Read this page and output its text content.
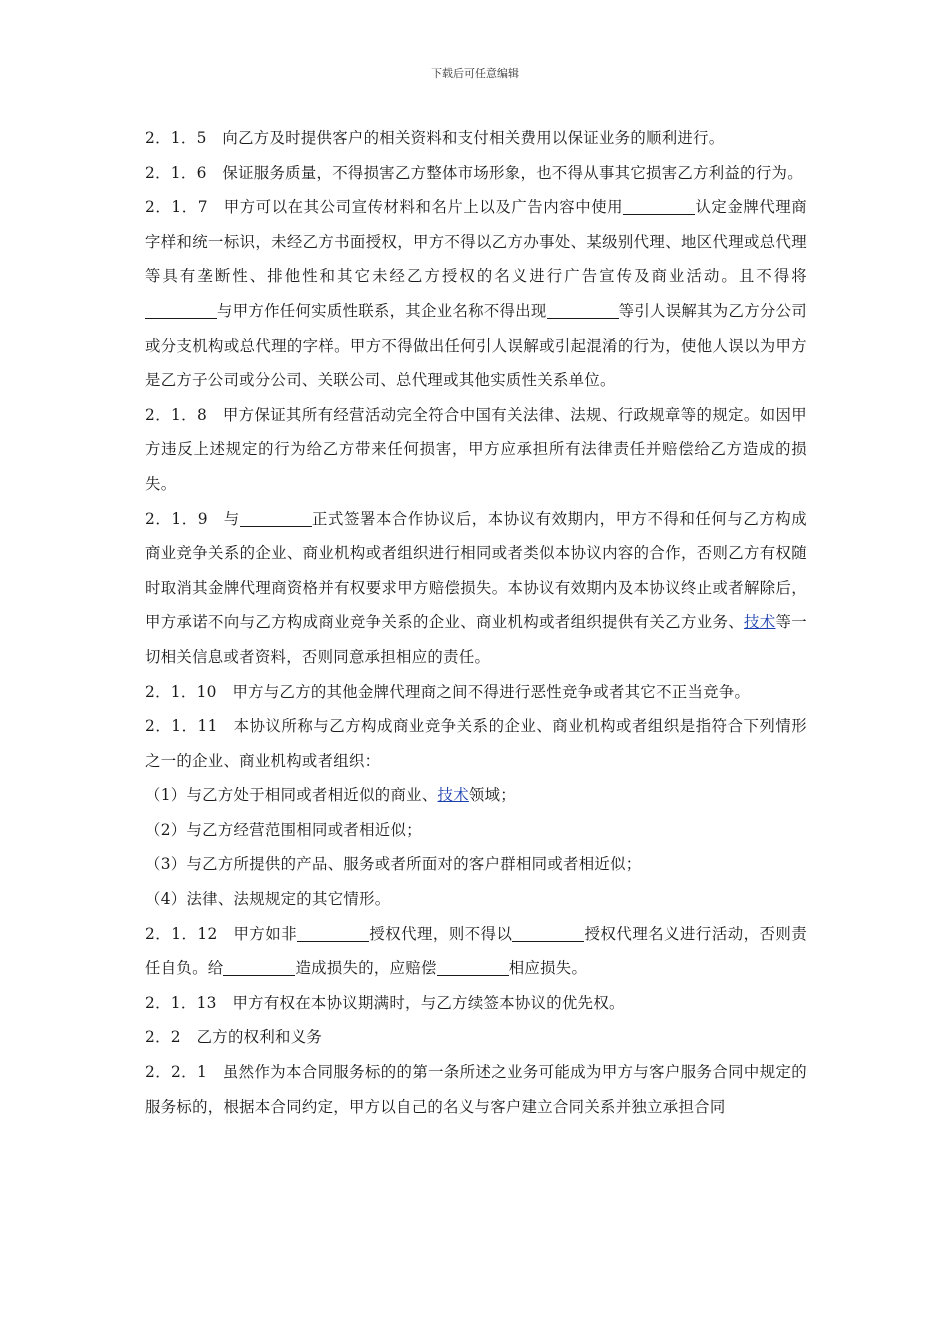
下载后可任意编辑

2．1．5  向乙方及时提供客户的相关资料和支付相关费用以保证业务的顺利进行。

2．1．6  保证服务质量，不得损害乙方整体市场形象，也不得从事其它损害乙方利益的行为。

2．1．7  甲方可以在其公司宣传材料和名片上以及广告内容中使用	认定金牌代理商字样和统一标识，未经乙方书面授权，甲方不得以乙方办事处、某级别代理、地区代理或总代理等具有垄断性、排他性和其它未经乙方授权的名义进行广告宣传及商业活动。且不得将与甲方作任何实质性联系，其企业名称不得出现	等引人误解其为乙方分公司或分支机构或总代理的字样。甲方不得做出任何引人误解或引起混淆的行为，使他人误以为甲方是乙方子公司或分公司、关联公司、总代理或其他实质性关系单位。

2．1．8  甲方保证其所有经营活动完全符合中国有关法律、法规、行政规章等的规定。如因甲方违反上述规定的行为给乙方带来任何损害，甲方应承担所有法律责任并赔偿给乙方造成的损失。

2．1．9  与	正式签署本合作协议后，本协议有效期内，甲方不得和任何与乙方构成商业竞争关系的企业、商业机构或者组织进行相同或者类似本协议内容的合作，否则乙方有权随时取消其金牌代理商资格并有权要求甲方赔偿损失。本协议有效期内及本协议终止或者解除后，甲方承诺不向与乙方构成商业竞争关系的企业、商业机构或者组织提供有关乙方业务、技术等一切相关信息或者资料，否则同意承担相应的责任。

2．1．10  甲方与乙方的其他金牌代理商之间不得进行恶性竞争或者其它不正当竞争。

2．1．11  本协议所称与乙方构成商业竞争关系的企业、商业机构或者组织是指符合下列情形之一的企业、商业机构或者组织：

（1）与乙方处于相同或者相近似的商业、技术领域；

（2）与乙方经营范围相同或者相近似；

（3）与乙方所提供的产品、服务或者所面对的客户群相同或者相近似；

（4）法律、法规规定的其它情形。

2．1．12  甲方如非	授权代理，则不得以	授权代理名义进行活动，否则责任自负。给	造成损失的，应赔偿	相应损失。

2．1．13  甲方有权在本协议期满时，与乙方续签本协议的优先权。

2．2  乙方的权利和义务

2．2．1  虽然作为本合同服务标的的第一条所述之业务可能成为甲方与客户服务合同中规定的服务标的，根据本合同约定，甲方以自己的名义与客户建立合同关系并独立承担合同
